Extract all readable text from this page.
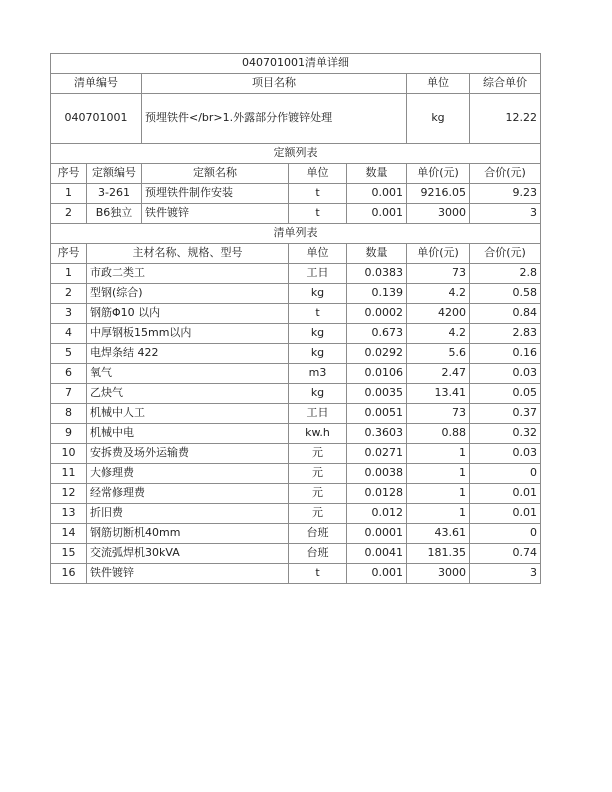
040701001清单详细						
清单编号		项目名称			单位	综合单价
040701001		预埋铁件</br>1.外露部分作镀锌处理			kg	12.22
定额列表						
序号	定额编号	定额名称	单位	数量	单价(元)	合价(元)
1	3-261	预埋铁件制作安装	t	0.001	9216.05	9.23
2	B6独立	铁件镀锌	t	0.001	3000	3
清单列表						
序号	主材名称、规格、型号		单位	数量	单价(元)	合价(元)
1	市政二类工		工日	0.0383	73	2.8
2	型钢(综合)		kg	0.139	4.2	0.58
3	钢筋Φ10 以内		t	0.0002	4200	0.84
4	中厚钢板15mm以内		kg	0.673	4.2	2.83
5	电焊条结 422		kg	0.0292	5.6	0.16
6	氧气		m3	0.0106	2.47	0.03
7	乙炔气		kg	0.0035	13.41	0.05
8	机械中人工		工日	0.0051	73	0.37
9	机械中电		kw.h	0.3603	0.88	0.32
10	安拆费及场外运输费		元	0.0271	1	0.03
11	大修理费		元	0.0038	1	0
12	经常修理费		元	0.0128	1	0.01
13	折旧费		元	0.012	1	0.01
14	钢筋切断机40mm		台班	0.0001	43.61	0
15	交流弧焊机30kVA		台班	0.0041	181.35	0.74
16	铁件镀锌		t	0.001	3000	3
